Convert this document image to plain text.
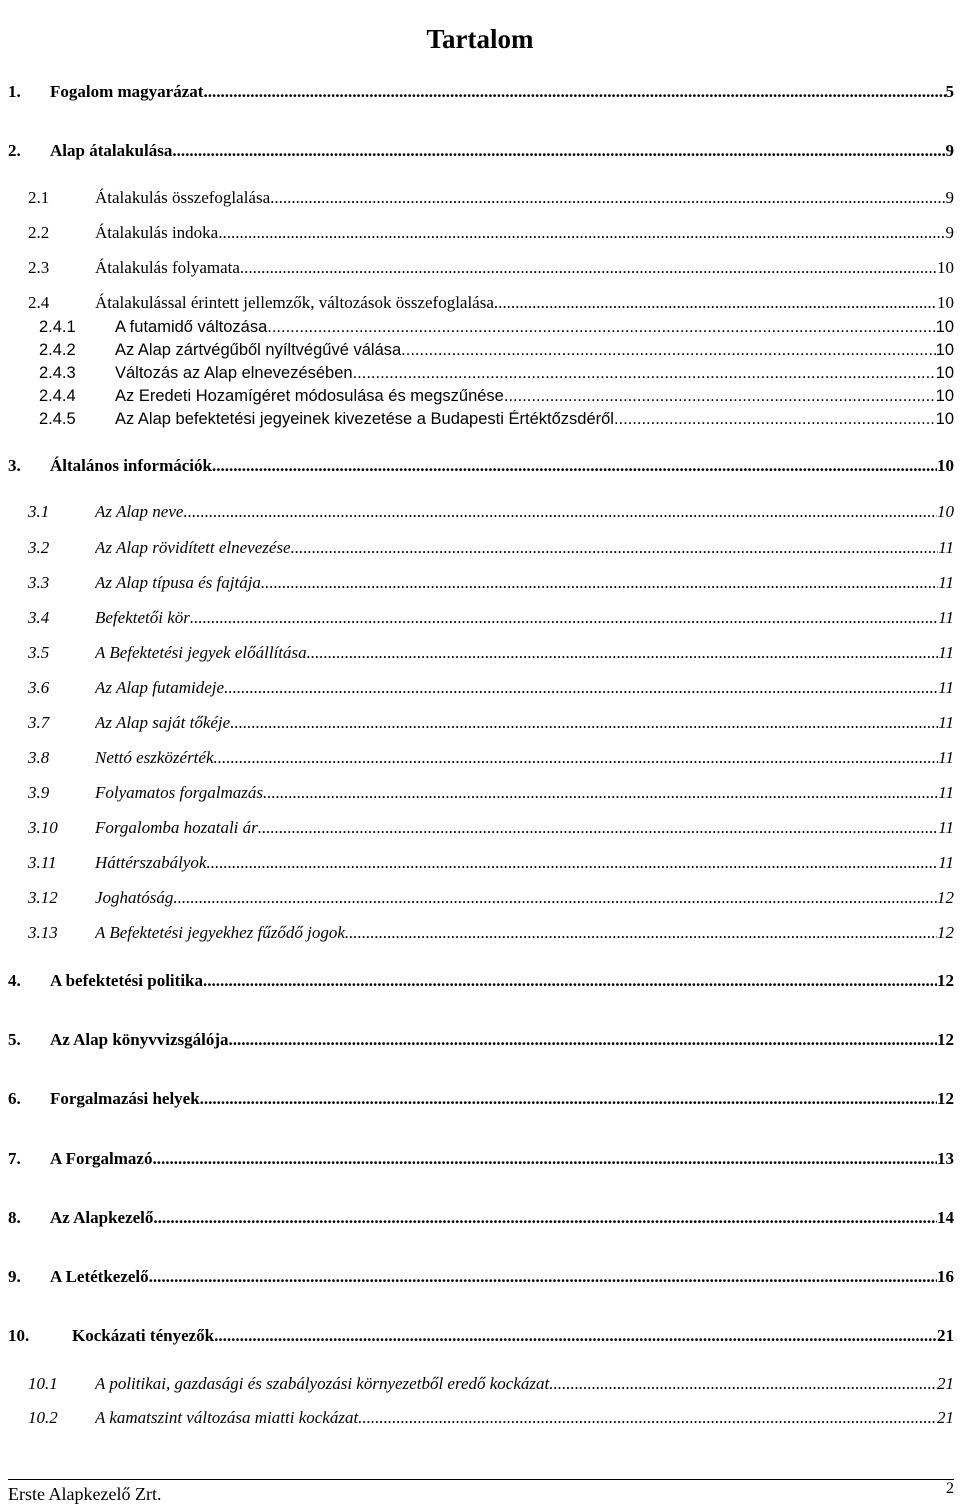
Tartalom
1. Fogalom magyarázat .....	5
2. Alap átalakulása .....	9
2.1	Átalakulás összefoglalása .....	9
2.2	Átalakulás indoka .....	9
2.3	Átalakulás folyamata .....	10
2.4	Átalakulással érintett jellemzők, változások összefoglalása .....	10
2.4.1 A futamidő változása .....	10
2.4.2 Az Alap zártvégűből nyíltvégűvé válása .....	10
2.4.3 Változás az Alap elnevezésében .....	10
2.4.4 Az Eredeti Hozamígéret módosulása és megszűnése .....	10
2.4.5 Az Alap befektetési jegyeinek kivezetése a Budapesti Értéktőzsdéről .....	10
3. Általános információk .....	10
3.1	Az Alap neve .....	10
3.2	Az Alap rövidített elnevezése .....	11
3.3	Az Alap típusa és fajtája .....	11
3.4	Befektetői kör .....	11
3.5	A Befektetési jegyek előállítása .....	11
3.6	Az Alap futamideje .....	11
3.7	Az Alap saját tőkéje .....	11
3.8	Nettó eszközérték .....	11
3.9	Folyamatos forgalmazás .....	11
3.10 Forgalomba hozatali ár .....	11
3.11 Háttérszabályok .....	11
3.12 Joghatóság .....	12
3.13 A Befektetési jegyekhez fűződő jogok .....	12
4. A befektetési politika .....	12
5. Az Alap könyvvizsgálója .....	12
6. Forgalmazási helyek .....	12
7. A Forgalmazó .....	13
8. Az Alapkezelő .....	14
9. A Letétkezelő .....	16
10.	Kockázati tényezők .....	21
10.1 A politikai, gazdasági és szabályozási környezetből eredő kockázat .....	21
10.2 A kamatszint változása miatti kockázat .....	21
Erste Alapkezelő Zrt.	2
